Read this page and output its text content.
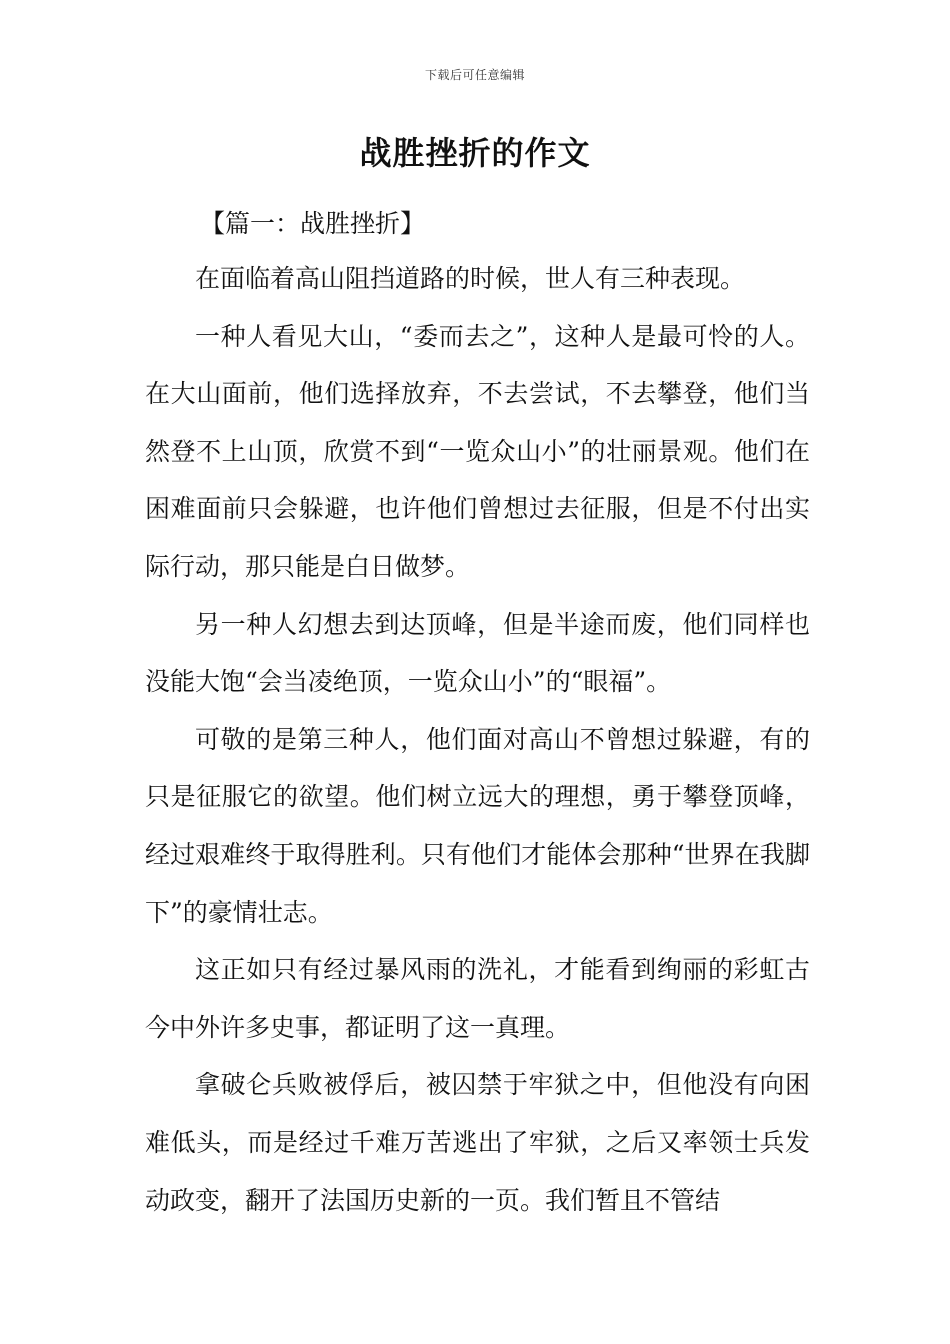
下载后可任意编辑
战胜挫折的作文
【篇一：战胜挫折】

在面临着高山阻挡道路的时候，世人有三种表现。

一种人看见大山，“委而去之”，这种人是最可怜的人。在大山面前，他们选择放弃，不去尝试，不去攀登，他们当然登不上山顶，欣赏不到“一览众山小”的壮丽景观。他们在困难面前只会躲避，也许他们曾想过去征服，但是不付出实际行动，那只能是白日做梦。

另一种人幻想去到达顶峰，但是半途而废，他们同样也没能大饱“会当凌绝顶，一览众山小”的“眼福”。

可敬的是第三种人，他们面对高山不曾想过躲避，有的只是征服它的欲望。他们树立远大的理想，勇于攀登顶峰，经过艰难终于取得胜利。只有他们才能体会那种“世界在我脚下”的豪情壮志。

这正如只有经过暴风雨的洗礼，才能看到绚丽的彩虹古今中外许多史事，都证明了这一真理。

拿破仑兵败被俘后，被囚禁于牢狱之中，但他没有向困难低头，而是经过千难万苦逃出了牢狱，之后又率领士兵发动政变，翻开了法国历史新的一页。我们暂且不管结
